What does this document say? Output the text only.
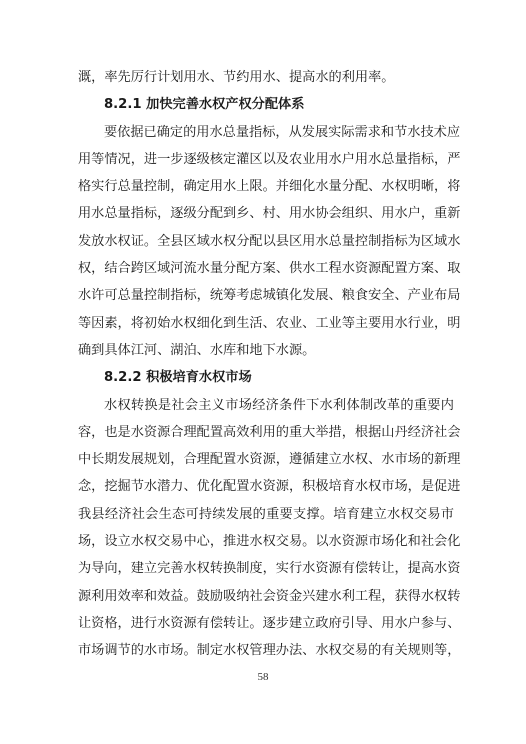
溉，率先厉行计划用水、节约用水、提高水的利用率。
8.2.1 加快完善水权产权分配体系
要依据已确定的用水总量指标，从发展实际需求和节水技术应
用等情况，进一步逐级核定灌区以及农业用水户用水总量指标，严
格实行总量控制，确定用水上限。并细化水量分配、水权明晰，将
用水总量指标，逐级分配到乡、村、用水协会组织、用水户，重新
发放水权证。全县区域水权分配以县区用水总量控制指标为区域水
权，结合跨区域河流水量分配方案、供水工程水资源配置方案、取
水许可总量控制指标，统筹考虑城镇化发展、粮食安全、产业布局
等因素，将初始水权细化到生活、农业、工业等主要用水行业，明
确到具体江河、湖泊、水库和地下水源。
8.2.2 积极培育水权市场
水权转换是社会主义市场经济条件下水利体制改革的重要内
容，也是水资源合理配置高效利用的重大举措，根据山丹经济社会
中长期发展规划，合理配置水资源，遵循建立水权、水市场的新理
念，挖掘节水潜力、优化配置水资源，积极培育水权市场，是促进
我县经济社会生态可持续发展的重要支撑。培育建立水权交易市
场，设立水权交易中心，推进水权交易。以水资源市场化和社会化
为导向，建立完善水权转换制度，实行水资源有偿转让，提高水资
源利用效率和效益。鼓励吸纳社会资金兴建水利工程，获得水权转
让资格，进行水资源有偿转让。逐步建立政府引导、用水户参与、
市场调节的水市场。制定水权管理办法、水权交易的有关规则等，
58
